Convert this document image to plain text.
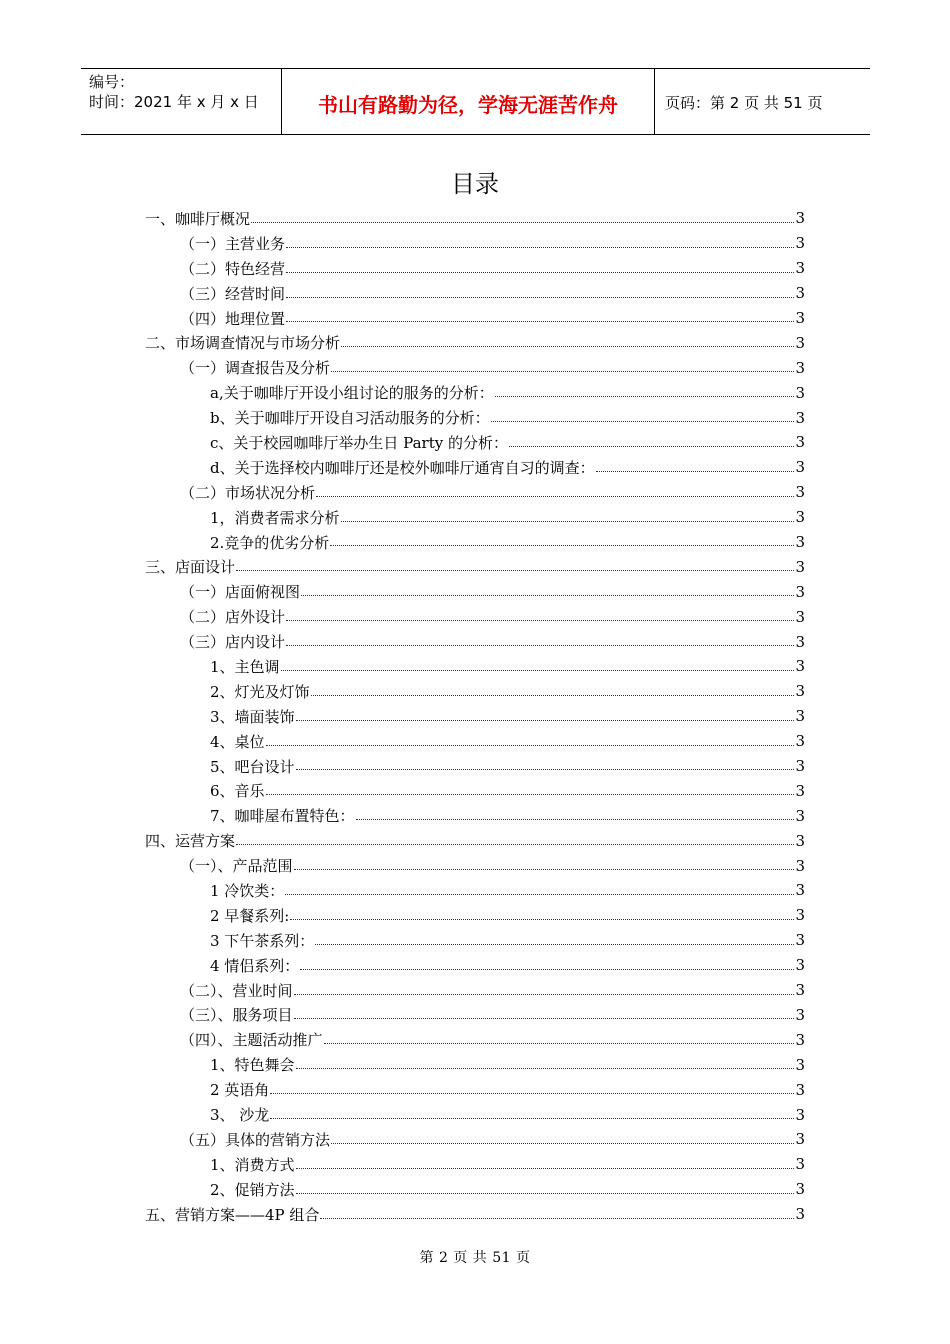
编号：
时间：2021 年 x 月 x 日	书山有路勤为径，学海无涯苦作舟	页码：第 2 页 共 51 页
目录
一、咖啡厅概况	3
（一）主营业务	3
（二）特色经营	3
（三）经营时间	3
（四）地理位置	3
二、市场调查情况与市场分析	3
（一）调查报告及分析	3
a,关于咖啡厅开设小组讨论的服务的分析：	3
b、关于咖啡厅开设自习活动服务的分析：	3
c、关于校园咖啡厅举办生日 Party 的分析：	3
d、关于选择校内咖啡厅还是校外咖啡厅通宵自习的调查：	3
（二）市场状况分析	3
1，消费者需求分析	3
2.竞争的优劣分析	3
三、店面设计	3
（一）店面俯视图	3
（二）店外设计	3
（三）店内设计	3
1、主色调	3
2、灯光及灯饰	3
3、墙面装饰	3
4、桌位	3
5、吧台设计	3
6、音乐	3
7、咖啡屋布置特色：	3
四、运营方案	3
（一）、产品范围	3
1 冷饮类：	3
2 早餐系列:	3
3 下午茶系列：	3
4 情侣系列：	3
（二）、营业时间	3
（三）、服务项目	3
（四）、主题活动推广	3
1、特色舞会	3
2 英语角	3
3、 沙龙	3
（五）具体的营销方法	3
1、消费方式	3
2、促销方法	3
五、营销方案——4P 组合	3
第 2 页 共 51 页
